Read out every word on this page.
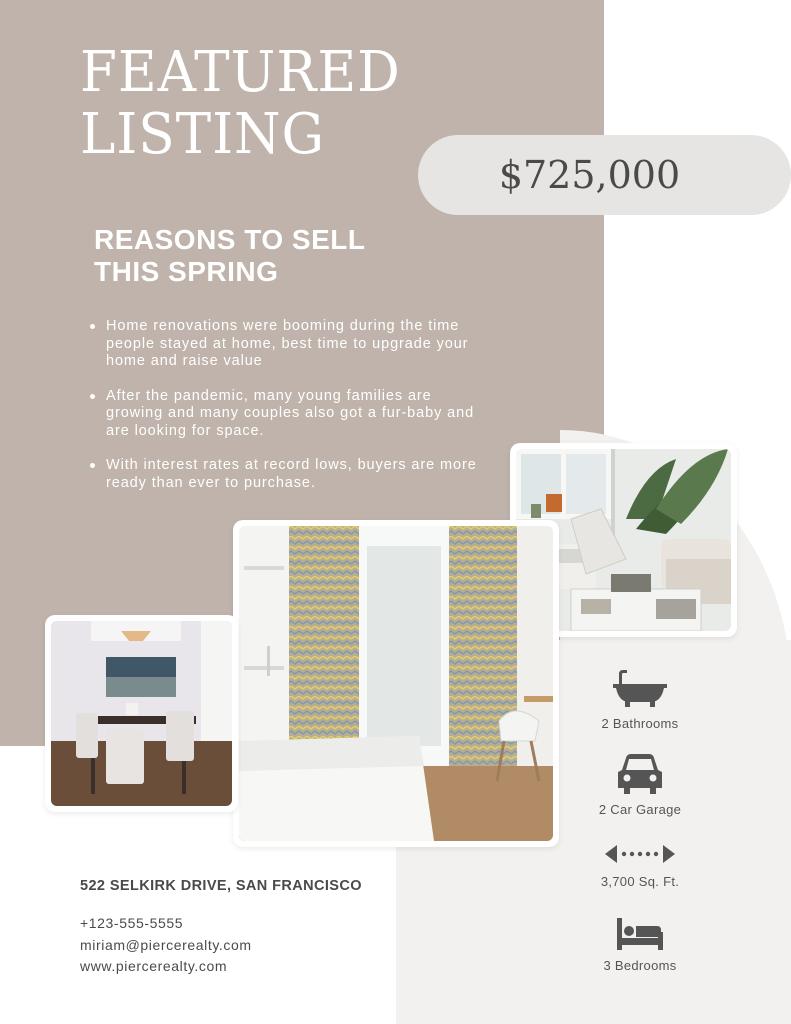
FEATURED
LISTING
$725,000
REASONS TO SELL
THIS SPRING
Home renovations were booming during the time people stayed at home, best time to upgrade your home and raise value
After the pandemic, many young families are growing and many couples also got a fur-baby and are looking for space.
With interest rates at record lows, buyers are more ready than ever to purchase.
2 Bathrooms
2 Car Garage
3,700 Sq. Ft.
3 Bedrooms

522 SELKIRK DRIVE, SAN FRANCISCO

+123-555-5555
miriam@piercerealty.com
www.piercerealty.com
